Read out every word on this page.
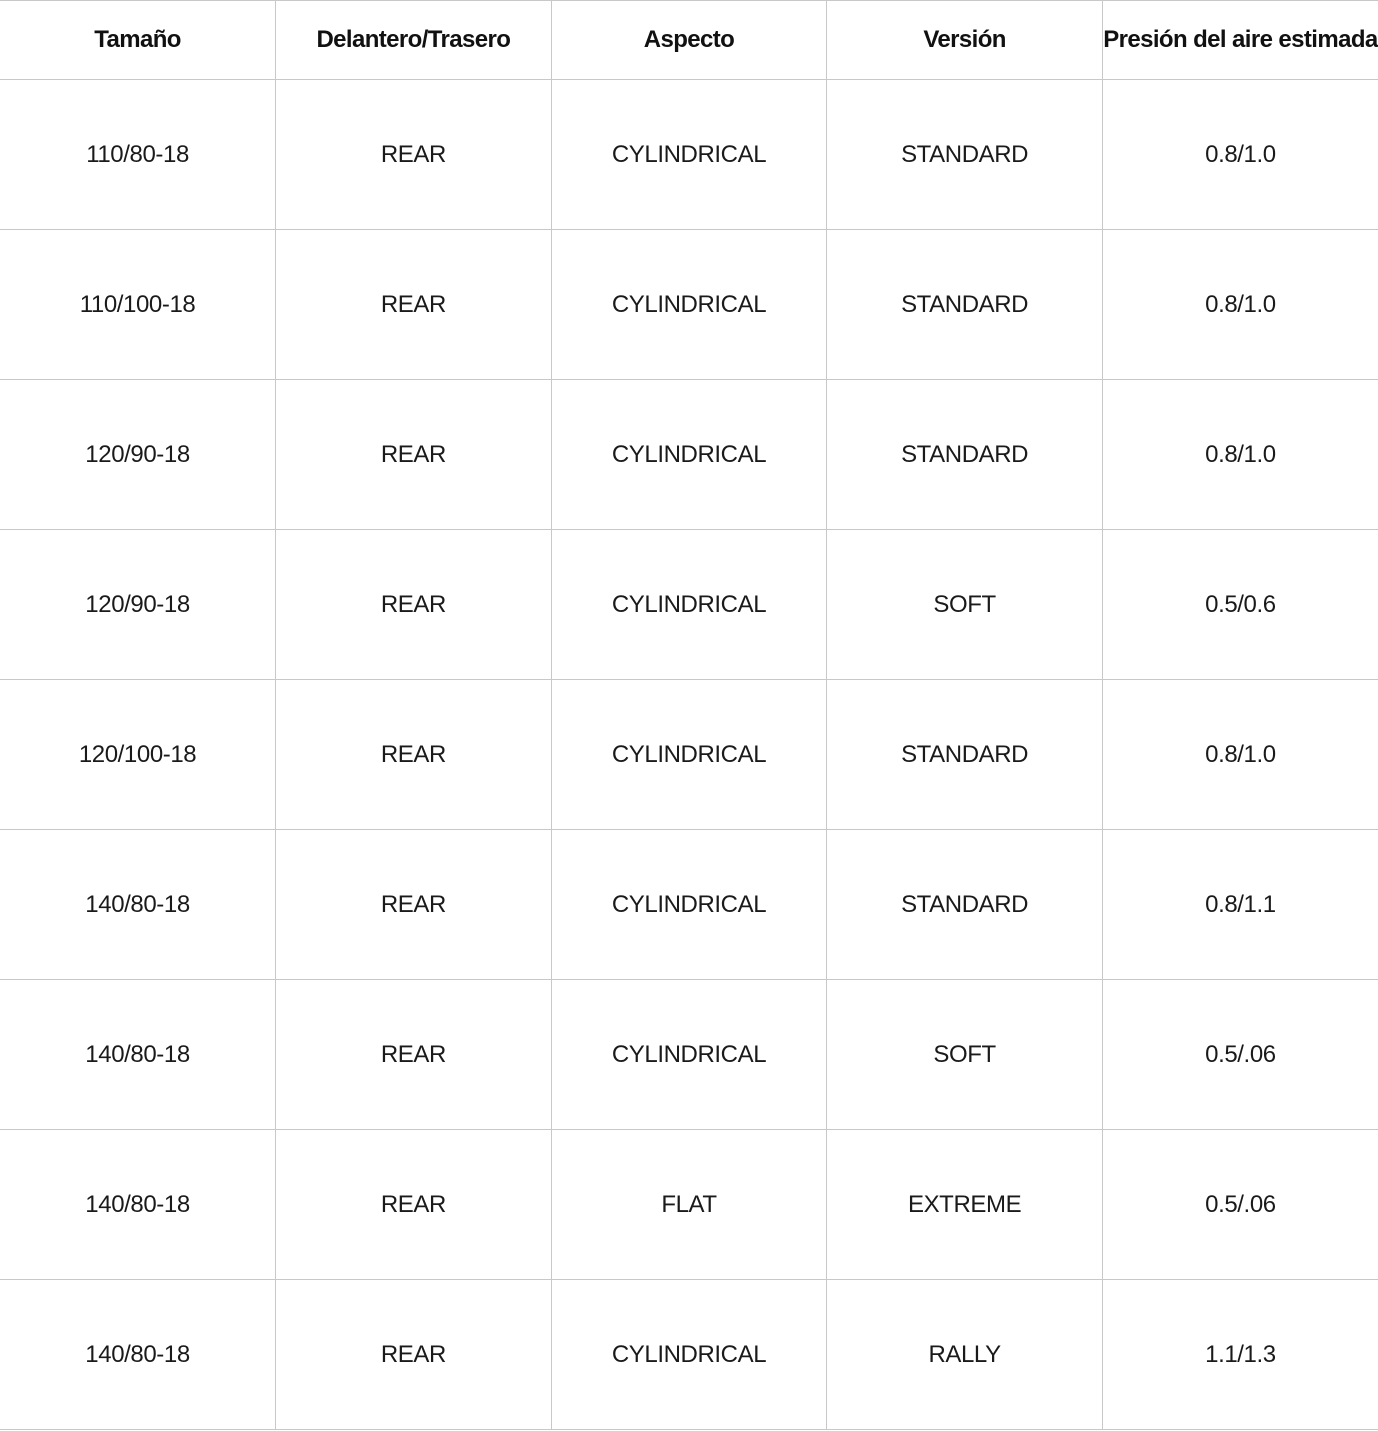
Tamaño	Delantero/Trasero	Aspecto	Versión	Presión del aire estimada
110/80-18	REAR	CYLINDRICAL	STANDARD	0.8/1.0
110/100-18	REAR	CYLINDRICAL	STANDARD	0.8/1.0
120/90-18	REAR	CYLINDRICAL	STANDARD	0.8/1.0
120/90-18	REAR	CYLINDRICAL	SOFT	0.5/0.6
120/100-18	REAR	CYLINDRICAL	STANDARD	0.8/1.0
140/80-18	REAR	CYLINDRICAL	STANDARD	0.8/1.1
140/80-18	REAR	CYLINDRICAL	SOFT	0.5/.06
140/80-18	REAR	FLAT	EXTREME	0.5/.06
140/80-18	REAR	CYLINDRICAL	RALLY	1.1/1.3
